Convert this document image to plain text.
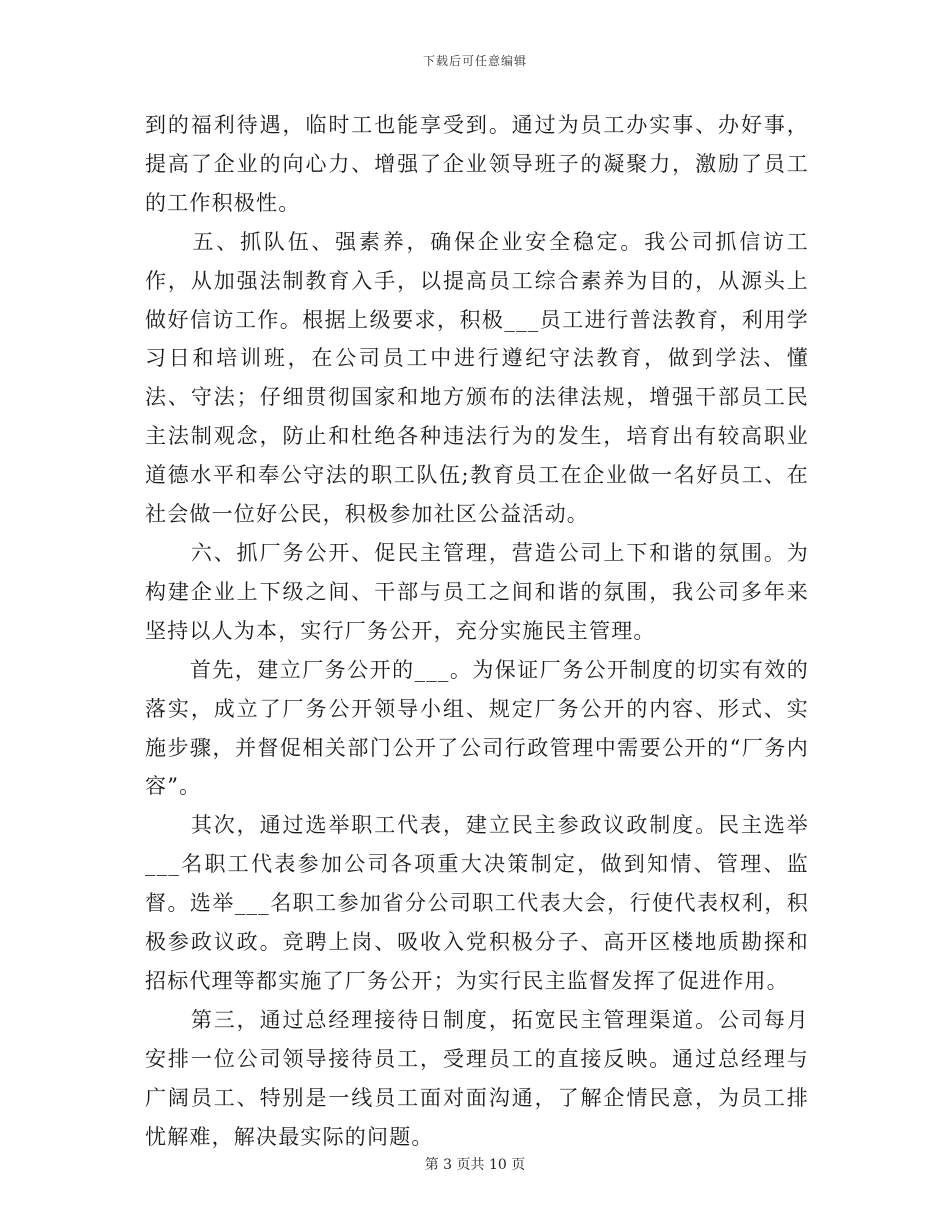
下载后可任意编辑

到的福利待遇，临时工也能享受到。通过为员工办实事、办好事，提高了企业的向心力、增强了企业领导班子的凝聚力，激励了员工的工作积极性。

　　五、抓队伍、强素养，确保企业安全稳定。我公司抓信访工作，从加强法制教育入手，以提高员工综合素养为目的，从源头上做好信访工作。根据上级要求，积极___员工进行普法教育，利用学习日和培训班，在公司员工中进行遵纪守法教育，做到学法、懂法、守法；仔细贯彻国家和地方颁布的法律法规，增强干部员工民主法制观念，防止和杜绝各种违法行为的发生，培育出有较高职业道德水平和奉公守法的职工队伍;教育员工在企业做一名好员工、在社会做一位好公民，积极参加社区公益活动。

　　六、抓厂务公开、促民主管理，营造公司上下和谐的氛围。为构建企业上下级之间、干部与员工之间和谐的氛围，我公司多年来坚持以人为本，实行厂务公开，充分实施民主管理。

　　首先，建立厂务公开的___。为保证厂务公开制度的切实有效的落实，成立了厂务公开领导小组、规定厂务公开的内容、形式、实施步骤，并督促相关部门公开了公司行政管理中需要公开的“厂务内容”。

　　其次，通过选举职工代表，建立民主参政议政制度。民主选举___名职工代表参加公司各项重大决策制定，做到知情、管理、监督。选举___名职工参加省分公司职工代表大会，行使代表权利，积极参政议政。竞聘上岗、吸收入党积极分子、高开区楼地质勘探和招标代理等都实施了厂务公开；为实行民主监督发挥了促进作用。

　　第三，通过总经理接待日制度，拓宽民主管理渠道。公司每月安排一位公司领导接待员工，受理员工的直接反映。通过总经理与广阔员工、特别是一线员工面对面沟通，了解企情民意，为员工排忧解难，解决最实际的问题。

第 3 页共 10 页
